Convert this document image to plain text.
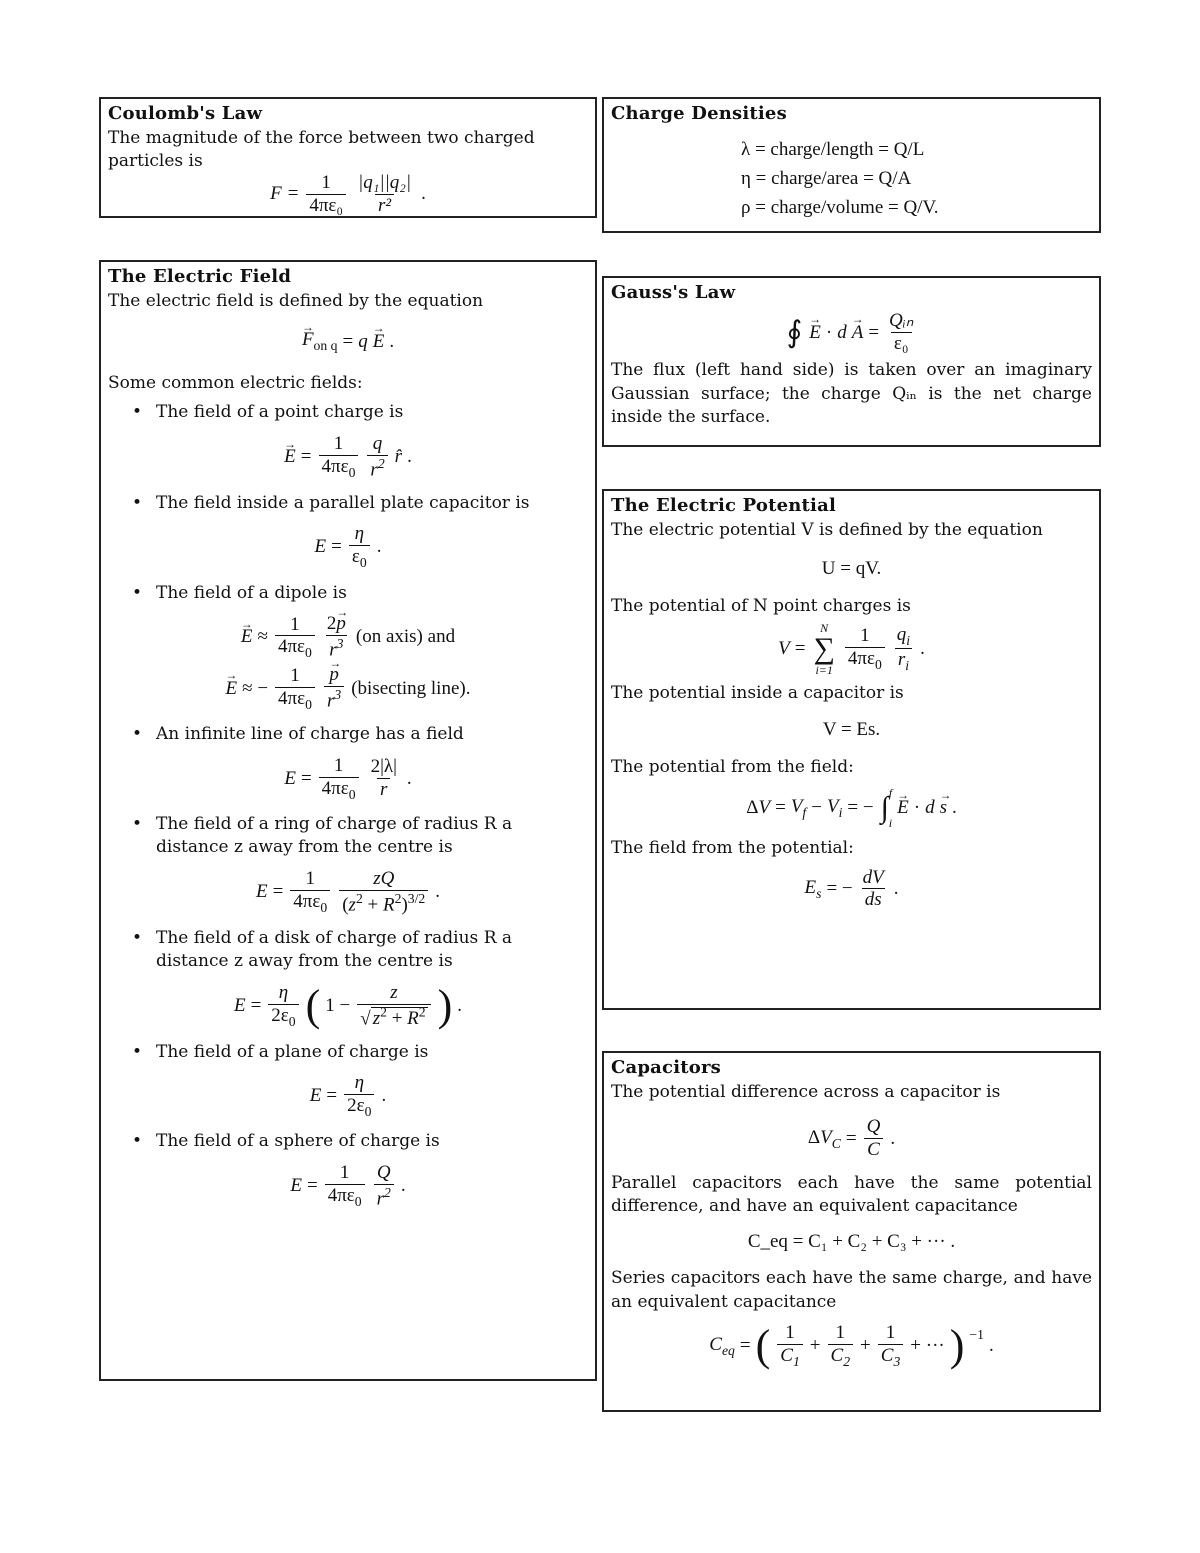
Coulomb's Law

The magnitude of the force between two charged particles is

$F = \frac{1}{\text{4πε₀}} \frac{\text{|q₁||q₂|}}{\text{r²}}$ .
Charge Densities
λ = charge/length = Q/L
η = charge/area = Q/A
ρ = charge/volume = Q/V.
The Electric Field

The electric field is defined by the equation

→ $F_{on q} = q$
→ E .

Some common electric fields:

• The field of a point charge is
→ $E = \frac{1}{4\pi\varepsilon_0} \frac{q}{r^2}$ r̂ .
• The field inside a parallel plate capacitor is
$E = \frac{\eta}{\varepsilon_0}$ .
• The field of a dipole is
→ $E \approx \frac{1}{4\pi\varepsilon_0} \frac{2\to p}{r^3} (on$ axis) and
→ E ≈ − $\frac{1}{4\pi\varepsilon_0}$
→ $\frac{p}{r^3}$ (bisecting line).
• An infinite line of charge has a field
$E = \frac{1}{4\pi\varepsilon_0} \frac{2|\lambda|}{r}$ .
• The field of a ring of charge of radius R a distance z away from the centre is
$E = \frac{1}{4\pi\varepsilon_0} \frac{zQ}{(z^2 + R^2)^{3/2}}$ .
• The field of a disk of charge of radius R a distance z away from the centre is
$E = \frac{\eta}{2\varepsilon_0}$ ( $1 - \frac{z}{√ z^2 + R^2}$ ) .
• The field of a plane of charge is
$E = \frac{\eta}{2\varepsilon_0}$ .
• The field of a sphere of charge is
$E = \frac{1}{4\pi\varepsilon_0} \frac{Q}{r^2}$ .
Gauss's Law
∮
→ E · d
→ $A = \frac{\text{Qᵢₙ}}{\text{ε₀}}$

The flux (left hand side) is taken over an imaginary Gaussian surface; the charge Qᵢₙ is the net charge inside the surface.

The Electric Potential

The electric potential V is defined by the equation

U = qV.

The potential of N point charges is

V =
N
∑
$i=1 \frac{1}{4\pi\varepsilon_0} \frac{q_i}{r_i}$ .

The potential inside a capacitor is

V = Es.

The potential from the field:

$\Delta V = V_f - V_i$ = − ∫ f
i
→ E · d
→ s .

The field from the potential:

$E_s$ = − $\frac{dV}{ds}$ .
Capacitors

The potential difference across a capacitor is

$\Delta V_C = \frac{Q}{C}$ .

Parallel capacitors each have the same potential difference, and have an equivalent capacitance

C_eq = C₁ + C₂ + C₃ + ··· .

Series capacitors each have the same charge, and have an equivalent capacitance

$C_{eq}$ = ( $\frac{1}{C_1} + \frac{1}{C_2} + \frac{1}{C_3}$ + ··· ) −1
.
